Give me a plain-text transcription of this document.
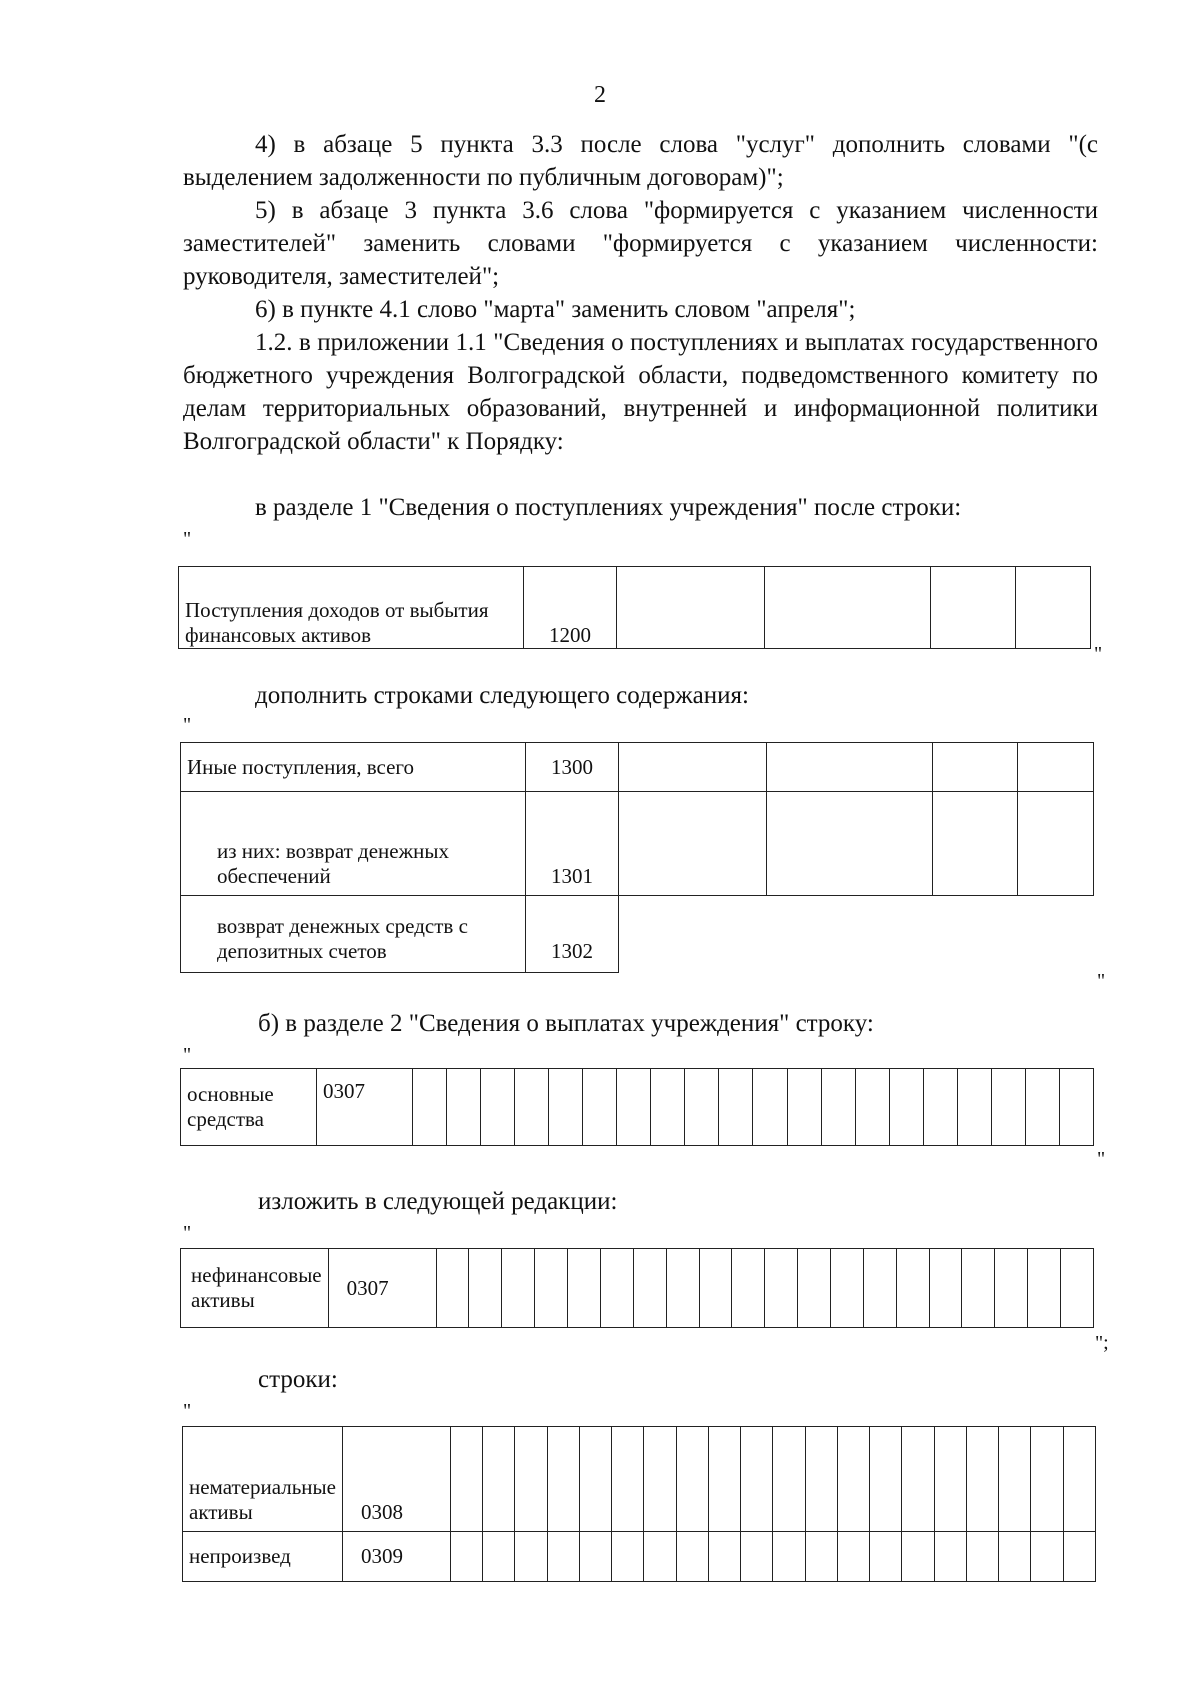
2
4) в абзаце 5 пункта 3.3 после слова "услуг" дополнить словами "(с выделением задолженности по публичным договорам)";
5) в абзаце 3 пункта 3.6 слова "формируется с указанием численности заместителей" заменить словами "формируется с указанием численности: руководителя, заместителей";
6) в пункте 4.1 слово "марта" заменить словом "апреля";
1.2. в приложении 1.1 "Сведения о поступлениях и выплатах государственного бюджетного учреждения Волгоградской области, подведомственного комитету по делам территориальных образований, внутренней и информационной политики Волгоградской области" к Порядку:
в разделе 1 "Сведения о поступлениях учреждения" после строки:
"
Поступления доходов от выбытия финансовых активов	1200				
"
дополнить строками следующего содержания:
"
Иные поступления, всего	1300				
из них: возврат денежных обеспечений	1301				
возврат денежных средств с депозитных счетов	1302				
"
б) в разделе 2 "Сведения о выплатах учреждения" строку:
"
основные средства	0307																				
"
изложить в следующей редакции:
"
нефинансовые активы	0307																				
";
строки:
"
нематериальные активы	0308																				
непроизвед	0309																				
